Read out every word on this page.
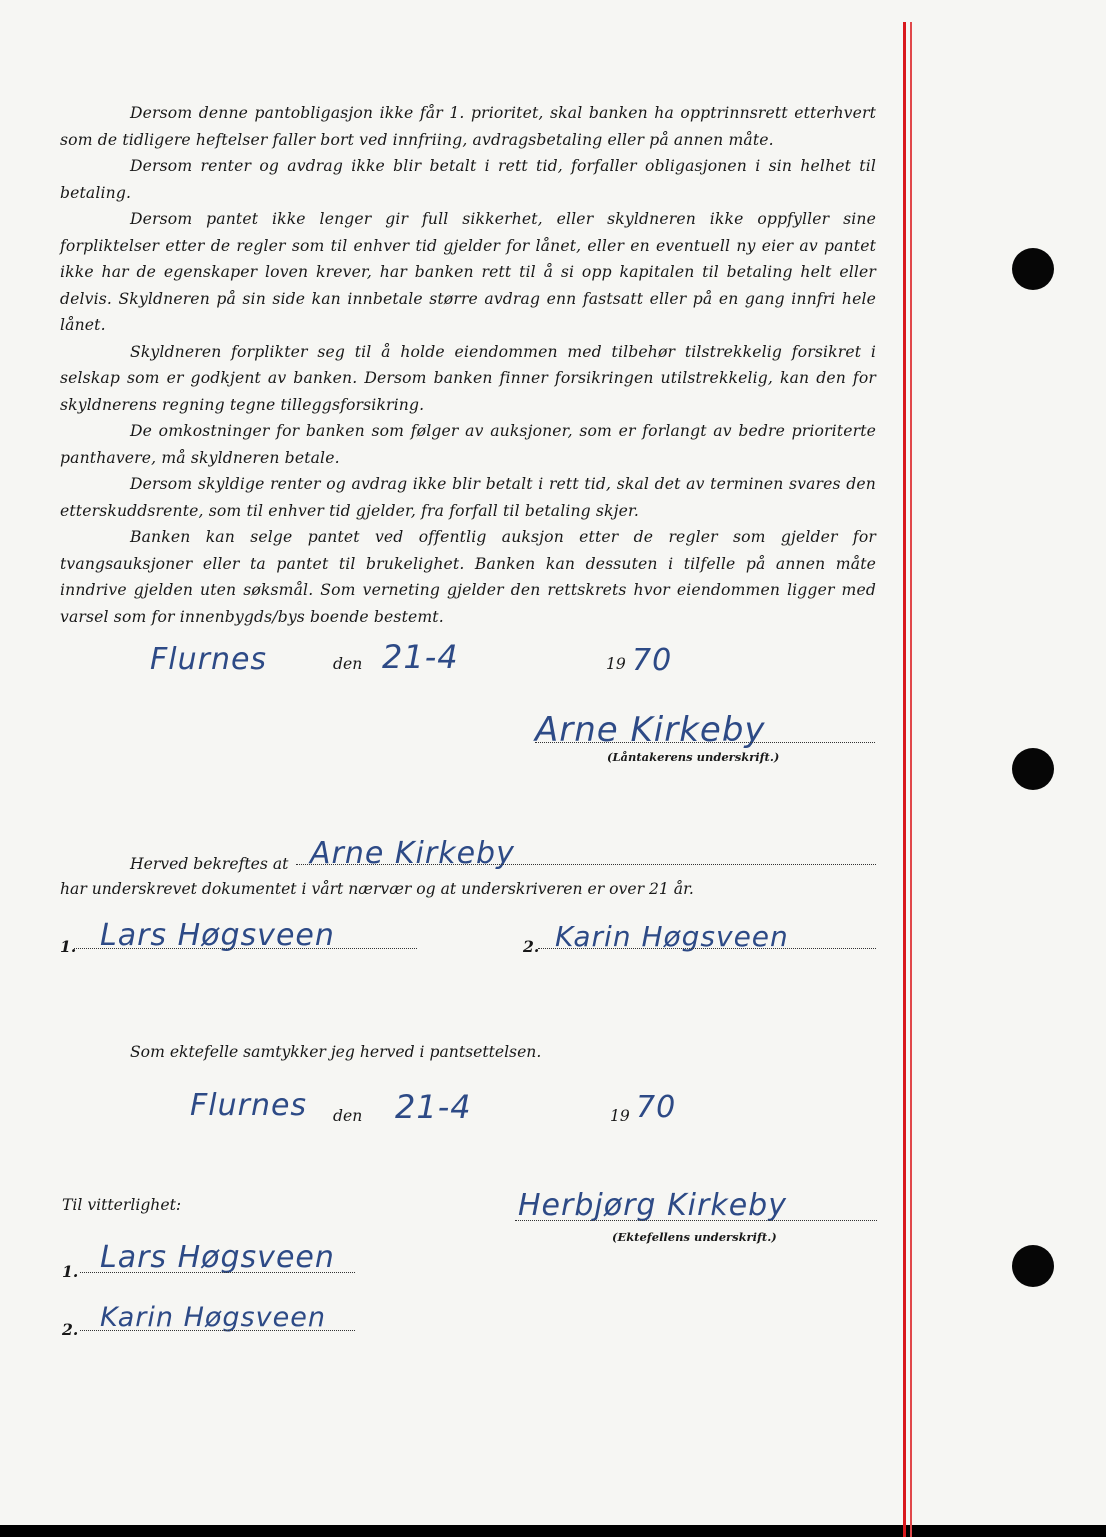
Dersom denne pantobligasjon ikke får 1. prioritet, skal banken ha opptrinnsrett etterhvert som de tidligere heftelser faller bort ved innfriing, avdragsbetaling eller på annen måte.

Dersom renter og avdrag ikke blir betalt i rett tid, forfaller obligasjonen i sin helhet til betaling.

Dersom pantet ikke lenger gir full sikkerhet, eller skyldneren ikke oppfyller sine forpliktelser etter de regler som til enhver tid gjelder for lånet, eller en eventuell ny eier av pantet ikke har de egenskaper loven krever, har banken rett til å si opp kapitalen til betaling helt eller delvis. Skyldneren på sin side kan innbetale større avdrag enn fastsatt eller på en gang innfri hele lånet.

Skyldneren forplikter seg til å holde eiendommen med tilbehør tilstrekkelig forsikret i selskap som er godkjent av banken. Dersom banken finner forsikringen utilstrekkelig, kan den for skyldnerens regning tegne tilleggsforsikring.

De omkostninger for banken som følger av auksjoner, som er forlangt av bedre prioriterte panthavere, må skyldneren betale.

Dersom skyldige renter og avdrag ikke blir betalt i rett tid, skal det av terminen svares den etterskuddsrente, som til enhver tid gjelder, fra forfall til betaling skjer.

Banken kan selge pantet ved offentlig auksjon etter de regler som gjelder for tvangsauksjoner eller ta pantet til brukelighet. Banken kan dessuten i tilfelle på annen måte inndrive gjelden uten søksmål. Som verneting gjelder den rettskrets hvor eiendommen ligger med varsel som for innenbygds/bys boende bestemt.

Flurnes	den 21-4	19 70
Arne Kirkeby
(Låntakerens underskrift.)
Herved bekreftes at Arne Kirkeby
har underskrevet dokumentet i vårt nærvær og at underskriveren er over 21 år.
1. Lars Høgsveen	2. Karin Høgsveen
Som ektefelle samtykker jeg herved i pantsettelsen.
Flurnes den 21-4	19 70
Til vitterlighet:	Herbjørg Kirkeby
(Ektefellens underskrift.)
1. Lars Høgsveen
2. Karin Høgsveen
